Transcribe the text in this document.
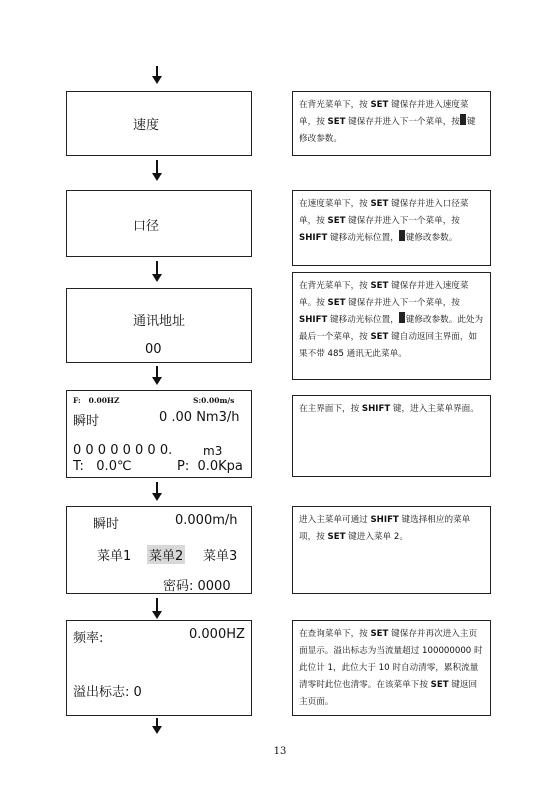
速度
口径
通讯地址
00
F:   0.00HZ	S:0.00m/s
瞬时	0 .00 Nm3/h
0 0 0 0 0 0 0 0.	m3
T:   0.0℃	P:  0.0Kpa
瞬时	0.000m/h
菜单1 菜单2 菜单3
密码: 0000
频率:	0.000HZ
溢出标志: 0
在背光菜单下，按 SET 键保存并进入速度菜单，按 SET 键保存并进入下一个菜单，按 键修改参数。
在速度菜单下，按 SET 键保存并进入口径菜单，按 SET 键保存并进入下一个菜单，按 SHIFT 键移动光标位置， 键修改参数。
在背光菜单下，按 SET 键保存并进入速度菜单。按 SET 键保存并进入下一个菜单，按 SHIFT 键移动光标位置， 键修改参数。此处为最后一个菜单，按 SET 键自动返回主界面，如果不带 485 通讯无此菜单。
在主界面下，按 SHIFT 键，进入主菜单界面。
进入主菜单可通过 SHIFT 键选择相应的菜单项，按 SET 键进入菜单 2。
在查询菜单下，按 SET 键保存并再次进入主页面显示。溢出标志为当流量超过 100000000 时此位计 1，此位大于 10 时自动清零，累积流量清零时此位也清零。在该菜单下按 SET 键返回主页面。
13
